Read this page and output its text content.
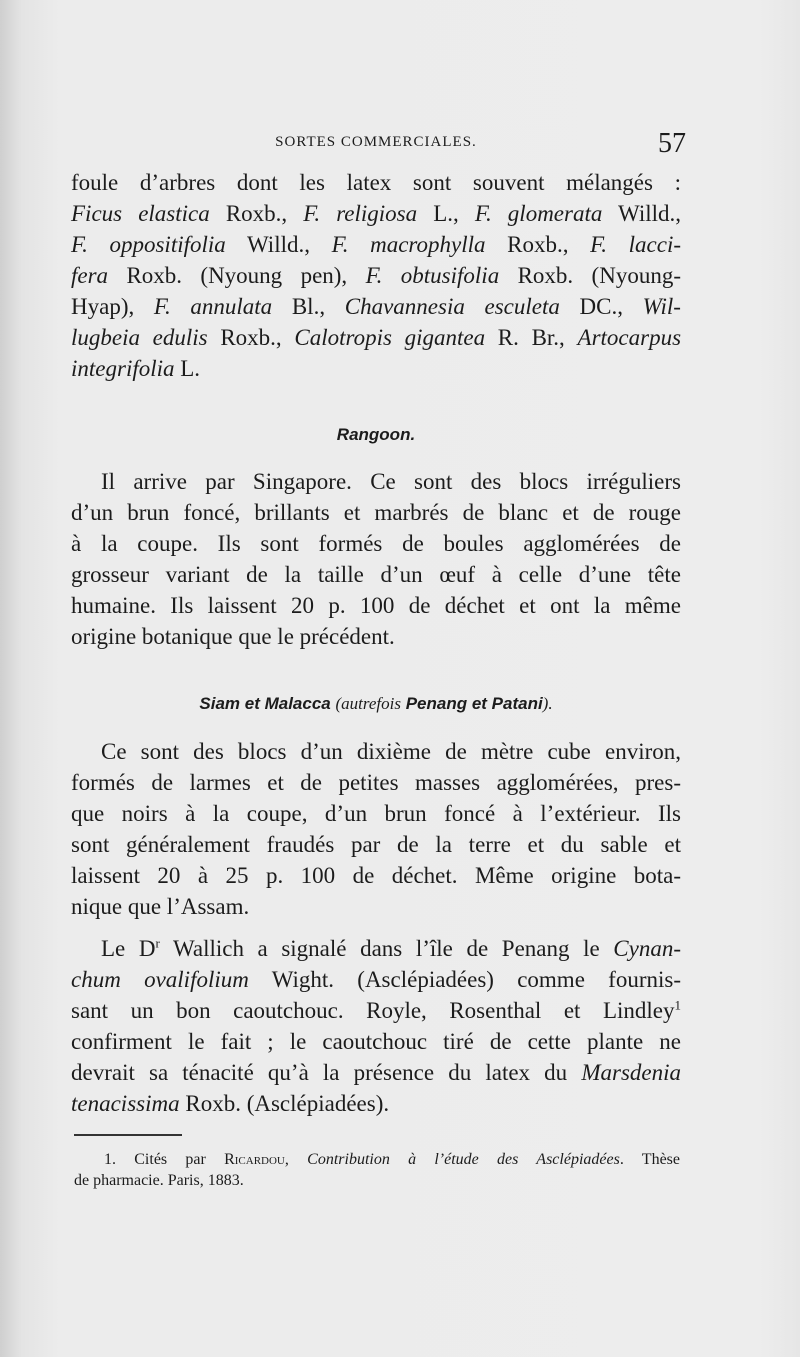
SORTES COMMERCIALES.	57
foule d’arbres dont les latex sont souvent mélangés :
Ficus elastica Roxb., F. religiosa L., F. glomerata Willd.,
F. oppositifolia Willd., F. macrophylla Roxb., F. lacci-
fera Roxb. (Nyoung pen), F. obtusifolia Roxb. (Nyoung-
Hyap), F. annulata Bl., Chavannesia esculeta DC., Wil-
lugbeia edulis Roxb., Calotropis gigantea R. Br., Artocarpus
integrifolia L.
Rangoon.
Il arrive par Singapore. Ce sont des blocs irréguliers
d’un brun foncé, brillants et marbrés de blanc et de rouge
à la coupe. Ils sont formés de boules agglomérées de
grosseur variant de la taille d’un œuf à celle d’une tête
humaine. Ils laissent 20 p. 100 de déchet et ont la même
origine botanique que le précédent.
Siam et Malacca (autrefois Penang et Patani).
Ce sont des blocs d’un dixième de mètre cube environ,
formés de larmes et de petites masses agglomérées, pres-
que noirs à la coupe, d’un brun foncé à l’extérieur. Ils
sont généralement fraudés par de la terre et du sable et
laissent 20 à 25 p. 100 de déchet. Même origine bota-
nique que l’Assam.
Le $D^r$ Wallich a signalé dans l’île de Penang le Cynan-
chum ovalifolium Wight. (Asclépiadées) comme fournis-
sant un bon caoutchouc. Royle, Rosenthal et Lindley$^1$
confirment le fait ; le caoutchouc tiré de cette plante ne
devrait sa ténacité qu’à la présence du latex du Marsdenia
tenacissima Roxb. (Asclépiadées).
1. Cités par Ricardou, Contribution à l’étude des Asclépiadées. Thèse
de pharmacie. Paris, 1883.
